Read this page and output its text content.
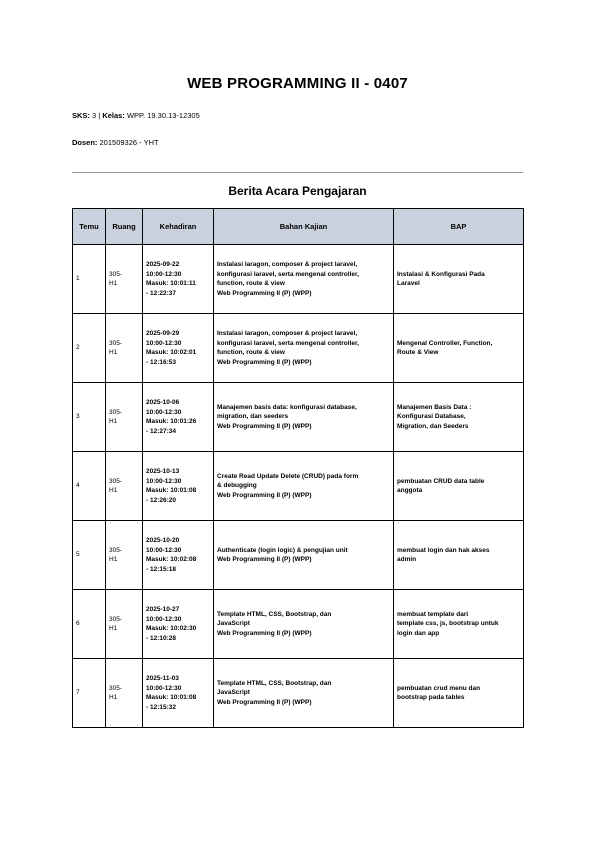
WEB PROGRAMMING II - 0407
SKS: 3 | Kelas: WPP. 19.30.13-12305
Dosen: 201509326 - YHT
Berita Acara Pengajaran
Temu	Ruang	Kehadiran	Bahan Kajian	BAP
1	305-
H1	2025-09-22
10:00-12:30
Masuk: 10:01:11
- 12:22:37	Instalasi laragon, composer & project laravel,
konfigurasi laravel, serta mengenal controller,
function, route & view
Web Programming II (P) (WPP)	Instalasi & Konfigurasi Pada
Laravel

2	305-
H1	2025-09-29
10:00-12:30
Masuk: 10:02:01
- 12:16:53	Instalasi laragon, composer & project laravel,
konfigurasi laravel, serta mengenal controller,
function, route & view
Web Programming II (P) (WPP)	Mengenal Controller, Function,
Route & View

3	305-
H1	2025-10-06
10:00-12:30
Masuk: 10:01:26
- 12:27:34	Manajemen basis data: konfigurasi database,
migration, dan seeders
Web Programming II (P) (WPP)	Manajemen Basis Data :
Konfigurasi Database,
Migration, dan Seeders

4	305-
H1	2025-10-13
10:00-12:30
Masuk: 10:01:08
- 12:26:20	Create Read Update Delete (CRUD) pada form
& debugging
Web Programming II (P) (WPP)	pembuatan CRUD data table
anggota

5	305-
H1	2025-10-20
10:00-12:30
Masuk: 10:02:08
- 12:15:18	Authenticate (login logic) & pengujian unit
Web Programming II (P) (WPP)	membuat login dan hak akses
admin

6	305-
H1	2025-10-27
10:00-12:30
Masuk: 10:02:30
- 12:10:28	Template HTML, CSS, Bootstrap, dan
JavaScript
Web Programming II (P) (WPP)	membuat template dari
template css, js, bootstrap untuk
login dan app

7	305-
H1	2025-11-03
10:00-12:30
Masuk: 10:01:08
- 12:15:32	Template HTML, CSS, Bootstrap, dan
JavaScript
Web Programming II (P) (WPP)	pembuatan crud menu dan
bootstrap pada tables
